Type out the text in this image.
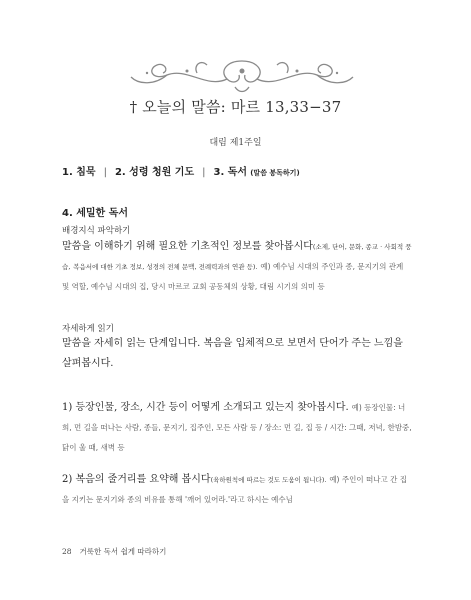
† 오늘의 말씀: 마르 13,33−37
대림 제1주일
1. 침묵 | 2. 성령 청원 기도 | 3. 독서 (말씀 봉독하기)
4. 세밀한 독서
배경지식 파악하기
말씀을 이해하기 위해 필요한 기초적인 정보를 찾아봅시다(소제, 단어, 문화, 종교 · 사회적 풍습, 복음서에 대한 기초 정보, 성경의 전체 문맥, 전례력과의 연관 등). 예) 예수님 시대의 주인과 종, 문지기의 관계 및 역할, 예수님 시대의 집, 당시 마르코 교회 공동체의 상황, 대림 시기의 의미 등
자세하게 읽기
말씀을 자세히 읽는 단계입니다. 복음을 입체적으로 보면서 단어가 주는 느낌을 살펴봅시다.
1) 등장인물, 장소, 시간 등이 어떻게 소개되고 있는지 찾아봅시다. 예) 등장인물: 너희, 먼 길을 떠나는 사람, 종들, 문지기, 집주인, 모든 사람 등 / 장소: 먼 길, 집 등 / 시간: 그때, 저녁, 한밤중, 닭이 울 때, 새벽 등
2) 복음의 줄거리를 요약해 봅시다(육하원칙에 따르는 것도 도움이 됩니다). 예) 주인이 떠나고 간 집을 지키는 문지기와 종의 비유를 통해 '깨어 있어라.'라고 하시는 예수님
28 거룩한 독서 쉽게 따라하기
